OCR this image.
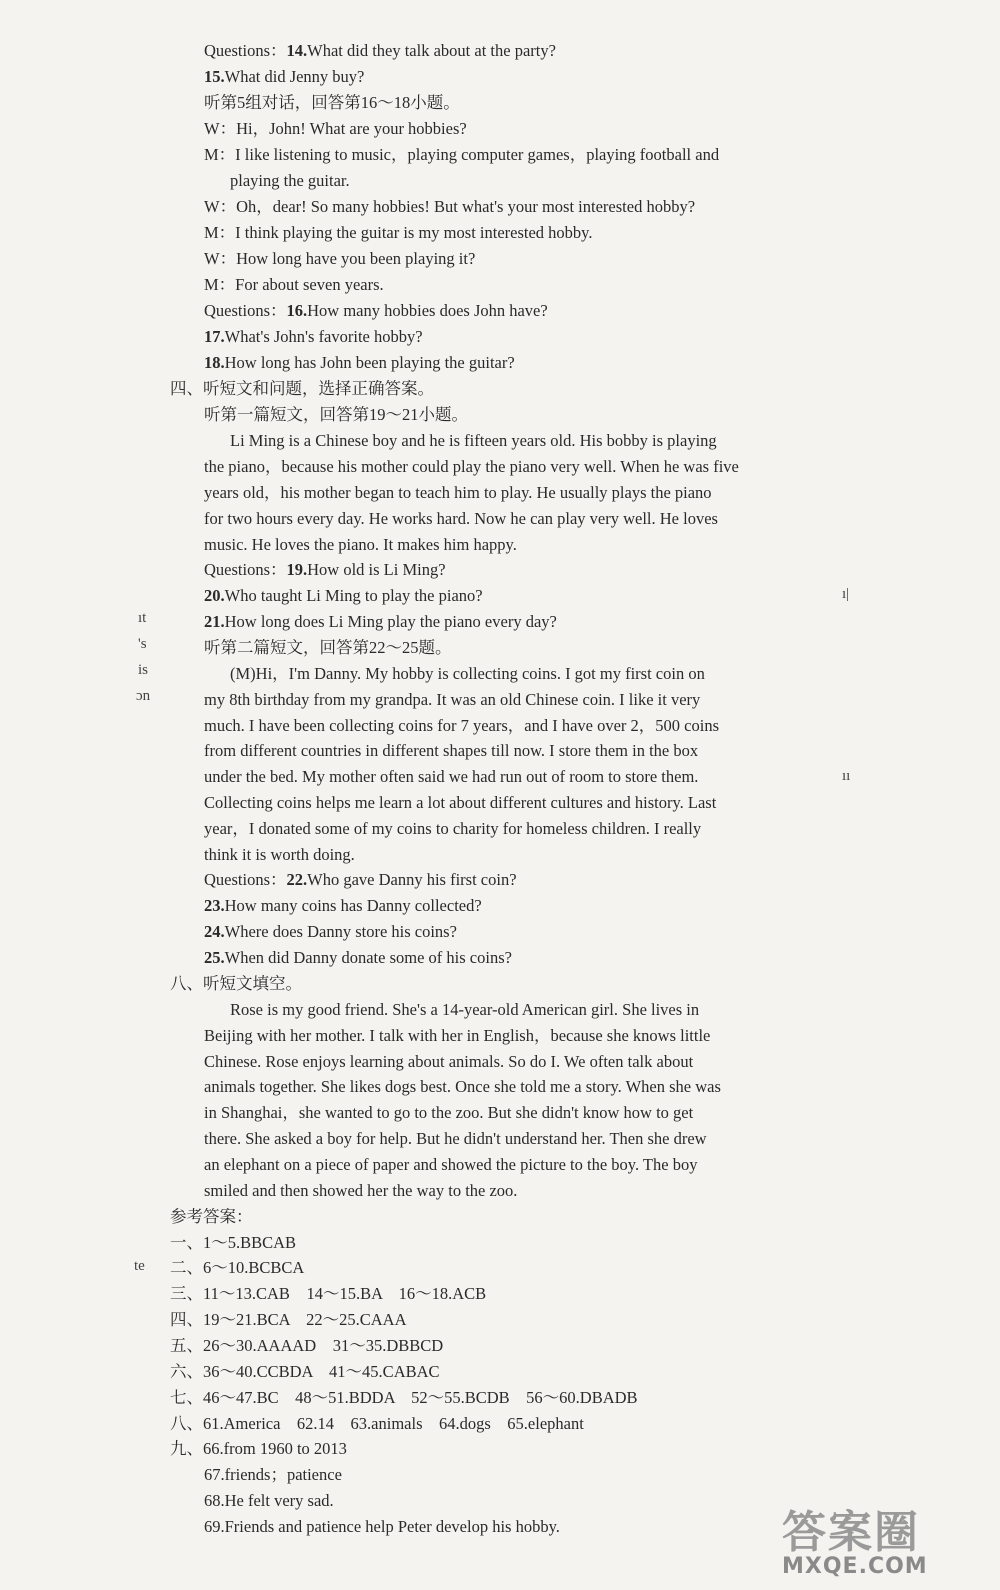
Questions：14.What did they talk about at the party?
15.What did Jenny buy?
听第5组对话，回答第16～18小题。
W：Hi，John! What are your hobbies?
M：I like listening to music，playing computer games，playing football and
playing the guitar.
W：Oh，dear! So many hobbies! But what's your most interested hobby?
M：I think playing the guitar is my most interested hobby.
W：How long have you been playing it?
M：For about seven years.
Questions：16.How many hobbies does John have?
17.What's John's favorite hobby?
18.How long has John been playing the guitar?
四、听短文和问题，选择正确答案。
听第一篇短文，回答第19～21小题。
Li Ming is a Chinese boy and he is fifteen years old. His bobby is playing
the piano，because his mother could play the piano very well. When he was five
years old，his mother began to teach him to play. He usually plays the piano
for two hours every day. He works hard. Now he can play very well. He loves
music. He loves the piano. It makes him happy.
Questions：19.How old is Li Ming?
20.Who taught Li Ming to play the piano?
21.How long does Li Ming play the piano every day?
听第二篇短文，回答第22～25题。
(M)Hi，I'm Danny. My hobby is collecting coins. I got my first coin on
my 8th birthday from my grandpa. It was an old Chinese coin. I like it very
much. I have been collecting coins for 7 years，and I have over 2，500 coins
from different countries in different shapes till now. I store them in the box
under the bed. My mother often said we had run out of room to store them.
Collecting coins helps me learn a lot about different cultures and history. Last
year，I donated some of my coins to charity for homeless children. I really
think it is worth doing.
Questions：22.Who gave Danny his first coin?
23.How many coins has Danny collected?
24.Where does Danny store his coins?
25.When did Danny donate some of his coins?
八、听短文填空。
Rose is my good friend. She's a 14-year-old American girl. She lives in
Beijing with her mother. I talk with her in English，because she knows little
Chinese. Rose enjoys learning about animals. So do I. We often talk about
animals together. She likes dogs best. Once she told me a story. When she was
in Shanghai，she wanted to go to the zoo. But she didn't know how to get
there. She asked a boy for help. But he didn't understand her. Then she drew
an elephant on a piece of paper and showed the picture to the boy. The boy
smiled and then showed her the way to the zoo.
参考答案：
一、1～5.BBCAB
二、6～10.BCBCA
三、11～13.CAB　14～15.BA　16～18.ACB
四、19～21.BCA　22～25.CAAA
五、26～30.AAAAD　31～35.DBBCD
六、36～40.CCBDA　41～45.CABAC
七、46～47.BC　48～51.BDDA　52～55.BCDB　56～60.DBADB
八、61.America　62.14　63.animals　64.dogs　65.elephant
九、66.from 1960 to 2013
67.friends；patience
68.He felt very sad.
69.Friends and patience help Peter develop his hobby.
ıt
's
is
ɔn
te
ı|
ıı
答案圈
MXQE.COM
